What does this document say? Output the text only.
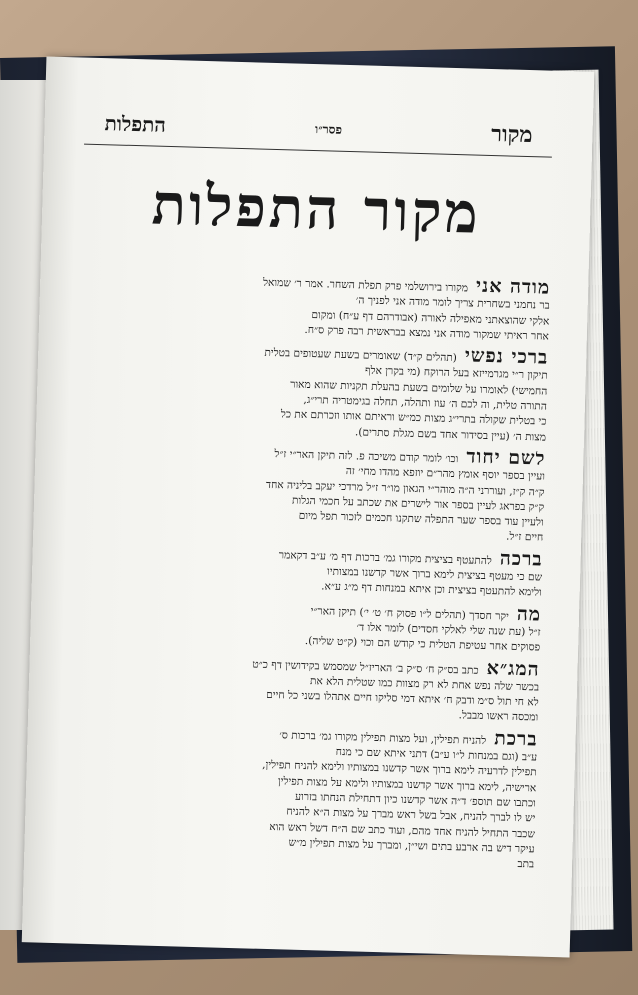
מקור
פסר״ו
התפלות
מקור התפלות
מודה אנימקורו בירושלמי פרק תפלת השחר. אמר ר׳ שמואל
בר נחמני בשחרית צריך לומר מודה אני לפניך ה׳
אלקי שהוצאתני מאפילה לאורה (אבודרהם דף ע״ח) ומקום
אחר ראיתי שמקור מודה אני נמצא בבראשית רבה פרק ס״ח.
ברכי נפשי(תהלים ק״ד) שאומרים בשעת שעטופים בטלית
תיקון ר״י מגרמייזא בעל הרוקח (מי בקרן אלף
החמישי) לאומרו על שלומים בשעת בהעלת תקניות שהוא מאור
התורה טלית, וה לכם ה׳ עוז ותהלה, תחלה בגימטריה תרי״ג,
כי בטלית שקולה בתרי״ג מצות כמ״ש וראיתם אותו וזכרתם את כל
מצות ה׳ (עיין בסידור אחד בשם מגלת סתרים).
לשם יחודוכו׳ לומר קודם משיכה פ. לזה תיקן האר״י ז״ל
ועיין בספר יוסף אומץ מהר״ם יוזפא מהדו מחי׳ זה
ק״ה ק״ז, ועוררני ה״ה מוהר״י הגאון מו״ר ז״ל מרדכי יעקב בליניה אחד
ק״ק בפראג לעיין בספר אור לישרים את שכתב על חכמי הגלות
ולעיין עוד בספר שער התפלה שתקנו חכמים לזכור תפל מיום
חיים ז״ל.
ברכהלהתעטף בציצית מקורו גמ׳ ברכות דף מ׳ ע״ב דקאמר
שם כי מעטף בציצית לימא ברוך אשר קדשנו במצותיו
ולימא להתעטף בציצית וכן איתא במנחות דף מ״ג ע״א.
מהיקר חסדך (תהלים ל״ו פסוק ח׳ ט׳ י׳) תיקן האר״י
ז״ל (עת שנה שלי לאלקי חסדים) לומר אלו ד׳
פסוקים אחר עטיפת הטלית כי קודש הם וכוי (ק״ט שליה).
המג״אכתב בס״ק ח׳ ס״ק ב׳ האריז״ל שמסמש בקידושין דף כ״ט
בכשר שלה נפש אחת לא רק מצוות כמו שטלית הלא את
לא חי תול ס״מ ודבק ח׳ איתא דמי סליקו חיים אתהלו בשני כל חיים
ומכסה ראשו מבבל.
ברכתלהניח תפילין, ועל מצות תפילין מקורו גמ׳ ברכות ס׳
ע״ב (וגם במנחות ל״ו ע״ב) דתני איתא שם כי מנח
תפילין לדרעיה לימא ברוך אשר קדשנו במצותיו ולימא להניח תפילין,
ארישיה, לימא ברוך אשר קדשנו במצותיו ולימא על מצות תפילין
וכתבו שם תוספ׳ ד״ה אשר קדשנו כיון דתחילת הנחתו בזרוע
יש לו לברך להניח, אבל בשל ראש מברך על מצות ה״א להניח
שכבר התחיל להניח אחד מהם, ועוד כתב שם ה״ח דשל ראש הוא
עיקר דיש בה ארבע בתים ושי״ן, ומברך על מצות תפילין מ״ש
בתב
